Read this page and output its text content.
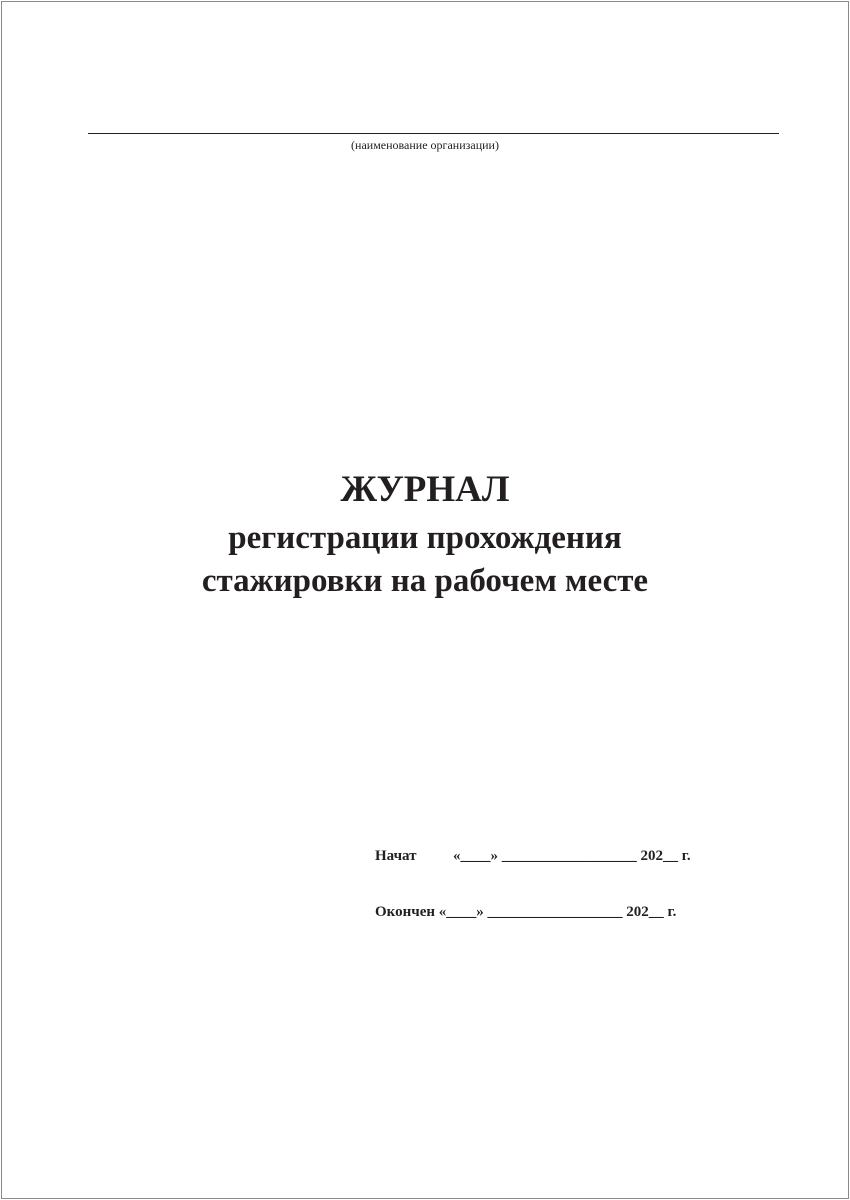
(наименование организации)
ЖУРНАЛ
регистрации прохождения
стажировки на рабочем месте
Начат «____» __________________ 202__ г.
Окончен «____» __________________ 202__ г.
